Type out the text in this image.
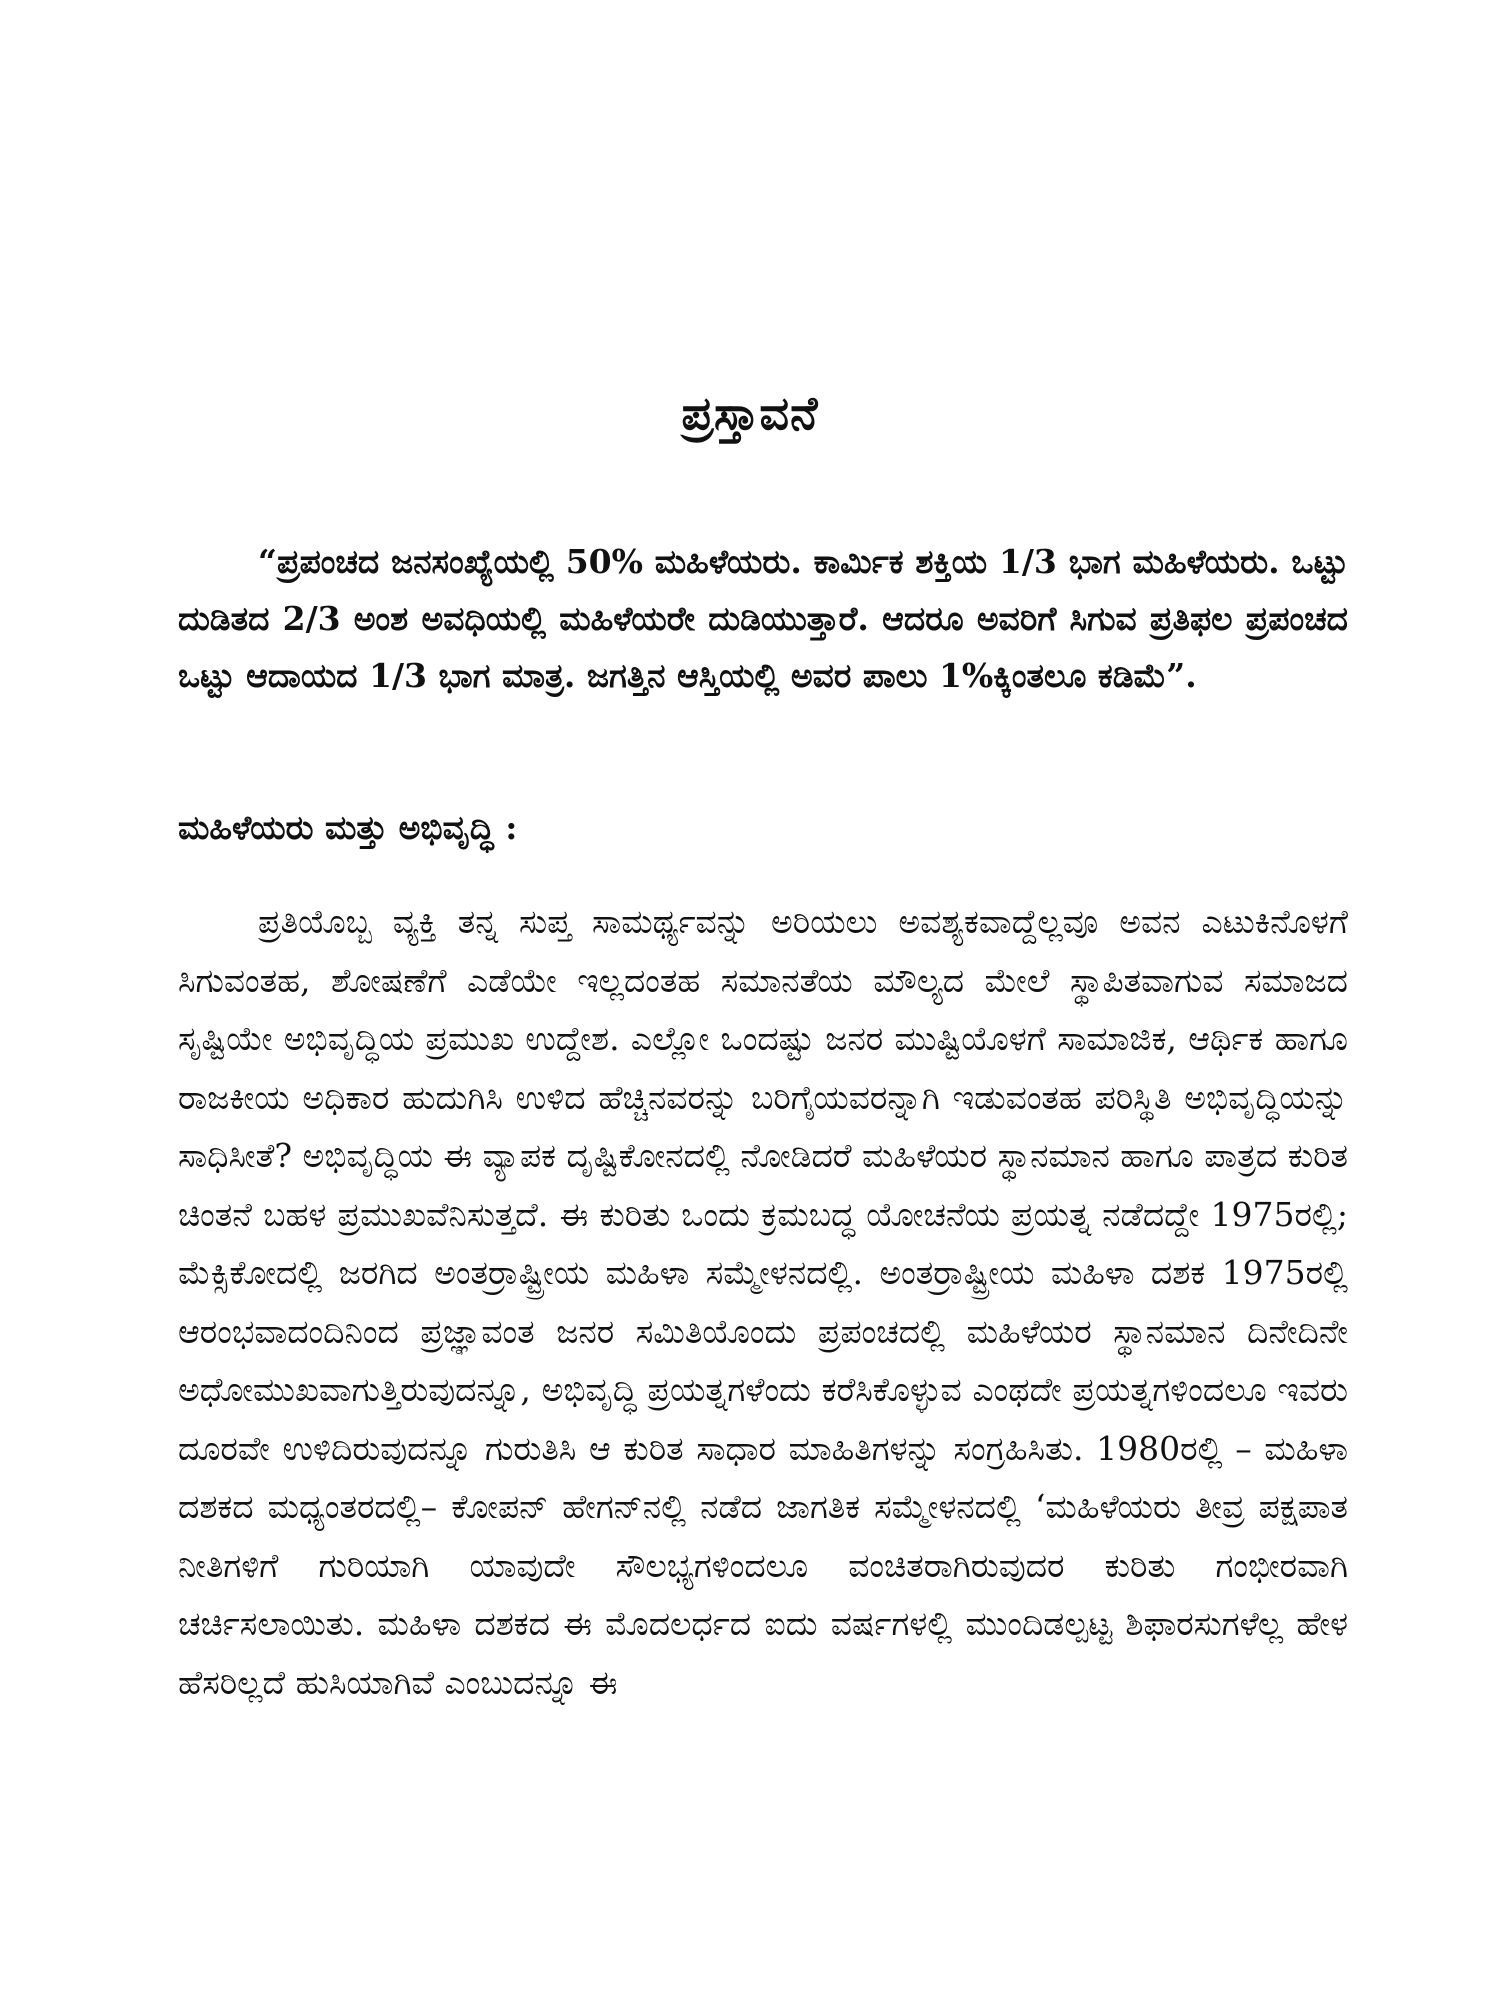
ಪ್ರಸ್ತಾವನೆ

“ಪ್ರಪಂಚದ ಜನಸಂಖ್ಯೆಯಲ್ಲಿ 50% ಮಹಿಳೆಯರು. ಕಾರ್ಮಿಕ ಶಕ್ತಿಯ 1/3 ಭಾಗ ಮಹಿಳೆಯರು. ಒಟ್ಟು ದುಡಿತದ 2/3 ಅಂಶ ಅವಧಿಯಲ್ಲಿ ಮಹಿಳೆಯರೇ ದುಡಿಯುತ್ತಾರೆ. ಆದರೂ ಅವರಿಗೆ ಸಿಗುವ ಪ್ರತಿಫಲ ಪ್ರಪಂಚದ ಒಟ್ಟು ಆದಾಯದ 1/3 ಭಾಗ ಮಾತ್ರ. ಜಗತ್ತಿನ ಆಸ್ತಿಯಲ್ಲಿ ಅವರ ಪಾಲು 1%ಕ್ಕಿಂತಲೂ ಕಡಿಮೆ”.

ಮಹಿಳೆಯರು ಮತ್ತು ಅಭಿವೃದ್ಧಿ :

ಪ್ರತಿಯೊಬ್ಬ ವ್ಯಕ್ತಿ ತನ್ನ ಸುಪ್ತ ಸಾಮರ್ಥ್ಯವನ್ನು ಅರಿಯಲು ಅವಶ್ಯಕವಾದ್ದೆಲ್ಲವೂ ಅವನ ಎಟುಕಿನೊಳಗೆ ಸಿಗುವಂತಹ, ಶೋಷಣೆಗೆ ಎಡೆಯೇ ಇಲ್ಲದಂತಹ ಸಮಾನತೆಯ ಮೌಲ್ಯದ ಮೇಲೆ ಸ್ಥಾಪಿತವಾಗುವ ಸಮಾಜದ ಸೃಷ್ಟಿಯೇ ಅಭಿವೃದ್ಧಿಯ ಪ್ರಮುಖ ಉದ್ದೇಶ. ಎಲ್ಲೋ ಒಂದಷ್ಟು ಜನರ ಮುಷ್ಟಿಯೊಳಗೆ ಸಾಮಾಜಿಕ, ಆರ್ಥಿಕ ಹಾಗೂ ರಾಜಕೀಯ ಅಧಿಕಾರ ಹುದುಗಿಸಿ ಉಳಿದ ಹೆಚ್ಚಿನವರನ್ನು ಬರಿಗೈಯವರನ್ನಾಗಿ ಇಡುವಂತಹ ಪರಿಸ್ಥಿತಿ ಅಭಿವೃದ್ಧಿಯನ್ನು ಸಾಧಿಸೀತೆ? ಅಭಿವೃದ್ಧಿಯ ಈ ವ್ಯಾಪಕ ದೃಷ್ಟಿಕೋನದಲ್ಲಿ ನೋಡಿದರೆ ಮಹಿಳೆಯರ ಸ್ಥಾನಮಾನ ಹಾಗೂ ಪಾತ್ರದ ಕುರಿತ ಚಿಂತನೆ ಬಹಳ ಪ್ರಮುಖವೆನಿಸುತ್ತದೆ. ಈ ಕುರಿತು ಒಂದು ಕ್ರಮಬದ್ಧ ಯೋಚನೆಯ ಪ್ರಯತ್ನ ನಡೆದದ್ದೇ 1975ರಲ್ಲಿ; ಮೆಕ್ಸಿಕೋದಲ್ಲಿ ಜರಗಿದ ಅಂತರ್ರಾಷ್ಟ್ರೀಯ ಮಹಿಳಾ ಸಮ್ಮೇಳನದಲ್ಲಿ. ಅಂತರ್ರಾಷ್ಟ್ರೀಯ ಮಹಿಳಾ ದಶಕ 1975ರಲ್ಲಿ ಆರಂಭವಾದಂದಿನಿಂದ ಪ್ರಜ್ಞಾವಂತ ಜನರ ಸಮಿತಿಯೊಂದು ಪ್ರಪಂಚದಲ್ಲಿ ಮಹಿಳೆಯರ ಸ್ಥಾನಮಾನ ದಿನೇದಿನೇ ಅಧೋಮುಖವಾಗುತ್ತಿರುವುದನ್ನೂ, ಅಭಿವೃದ್ಧಿ ಪ್ರಯತ್ನಗಳೆಂದು ಕರೆಸಿಕೊಳ್ಳುವ ಎಂಥದೇ ಪ್ರಯತ್ನಗಳಿಂದಲೂ ಇವರು ದೂರವೇ ಉಳಿದಿರುವುದನ್ನೂ ಗುರುತಿಸಿ ಆ ಕುರಿತ ಸಾಧಾರ ಮಾಹಿತಿಗಳನ್ನು ಸಂಗ್ರಹಿಸಿತು. 1980ರಲ್ಲಿ – ಮಹಿಳಾ ದಶಕದ ಮಧ್ಯಂತರದಲ್ಲಿ– ಕೋಪನ್ ಹೇಗನ್‌ನಲ್ಲಿ ನಡೆದ ಜಾಗತಿಕ ಸಮ್ಮೇಳನದಲ್ಲಿ ‘ಮಹಿಳೆಯರು ತೀವ್ರ ಪಕ್ಷಪಾತ ನೀತಿಗಳಿಗೆ ಗುರಿಯಾಗಿ ಯಾವುದೇ ಸೌಲಭ್ಯಗಳಿಂದಲೂ ವಂಚಿತರಾಗಿರುವುದರ ಕುರಿತು ಗಂಭೀರವಾಗಿ ಚರ್ಚಿಸಲಾಯಿತು. ಮಹಿಳಾ ದಶಕದ ಈ ಮೊದಲರ್ಧದ ಐದು ವರ್ಷಗಳಲ್ಲಿ ಮುಂದಿಡಲ್ಪಟ್ಟ ಶಿಫಾರಸುಗಳೆಲ್ಲ ಹೇಳ ಹೆಸರಿಲ್ಲದೆ ಹುಸಿಯಾಗಿವೆ ಎಂಬುದನ್ನೂ ಈ
